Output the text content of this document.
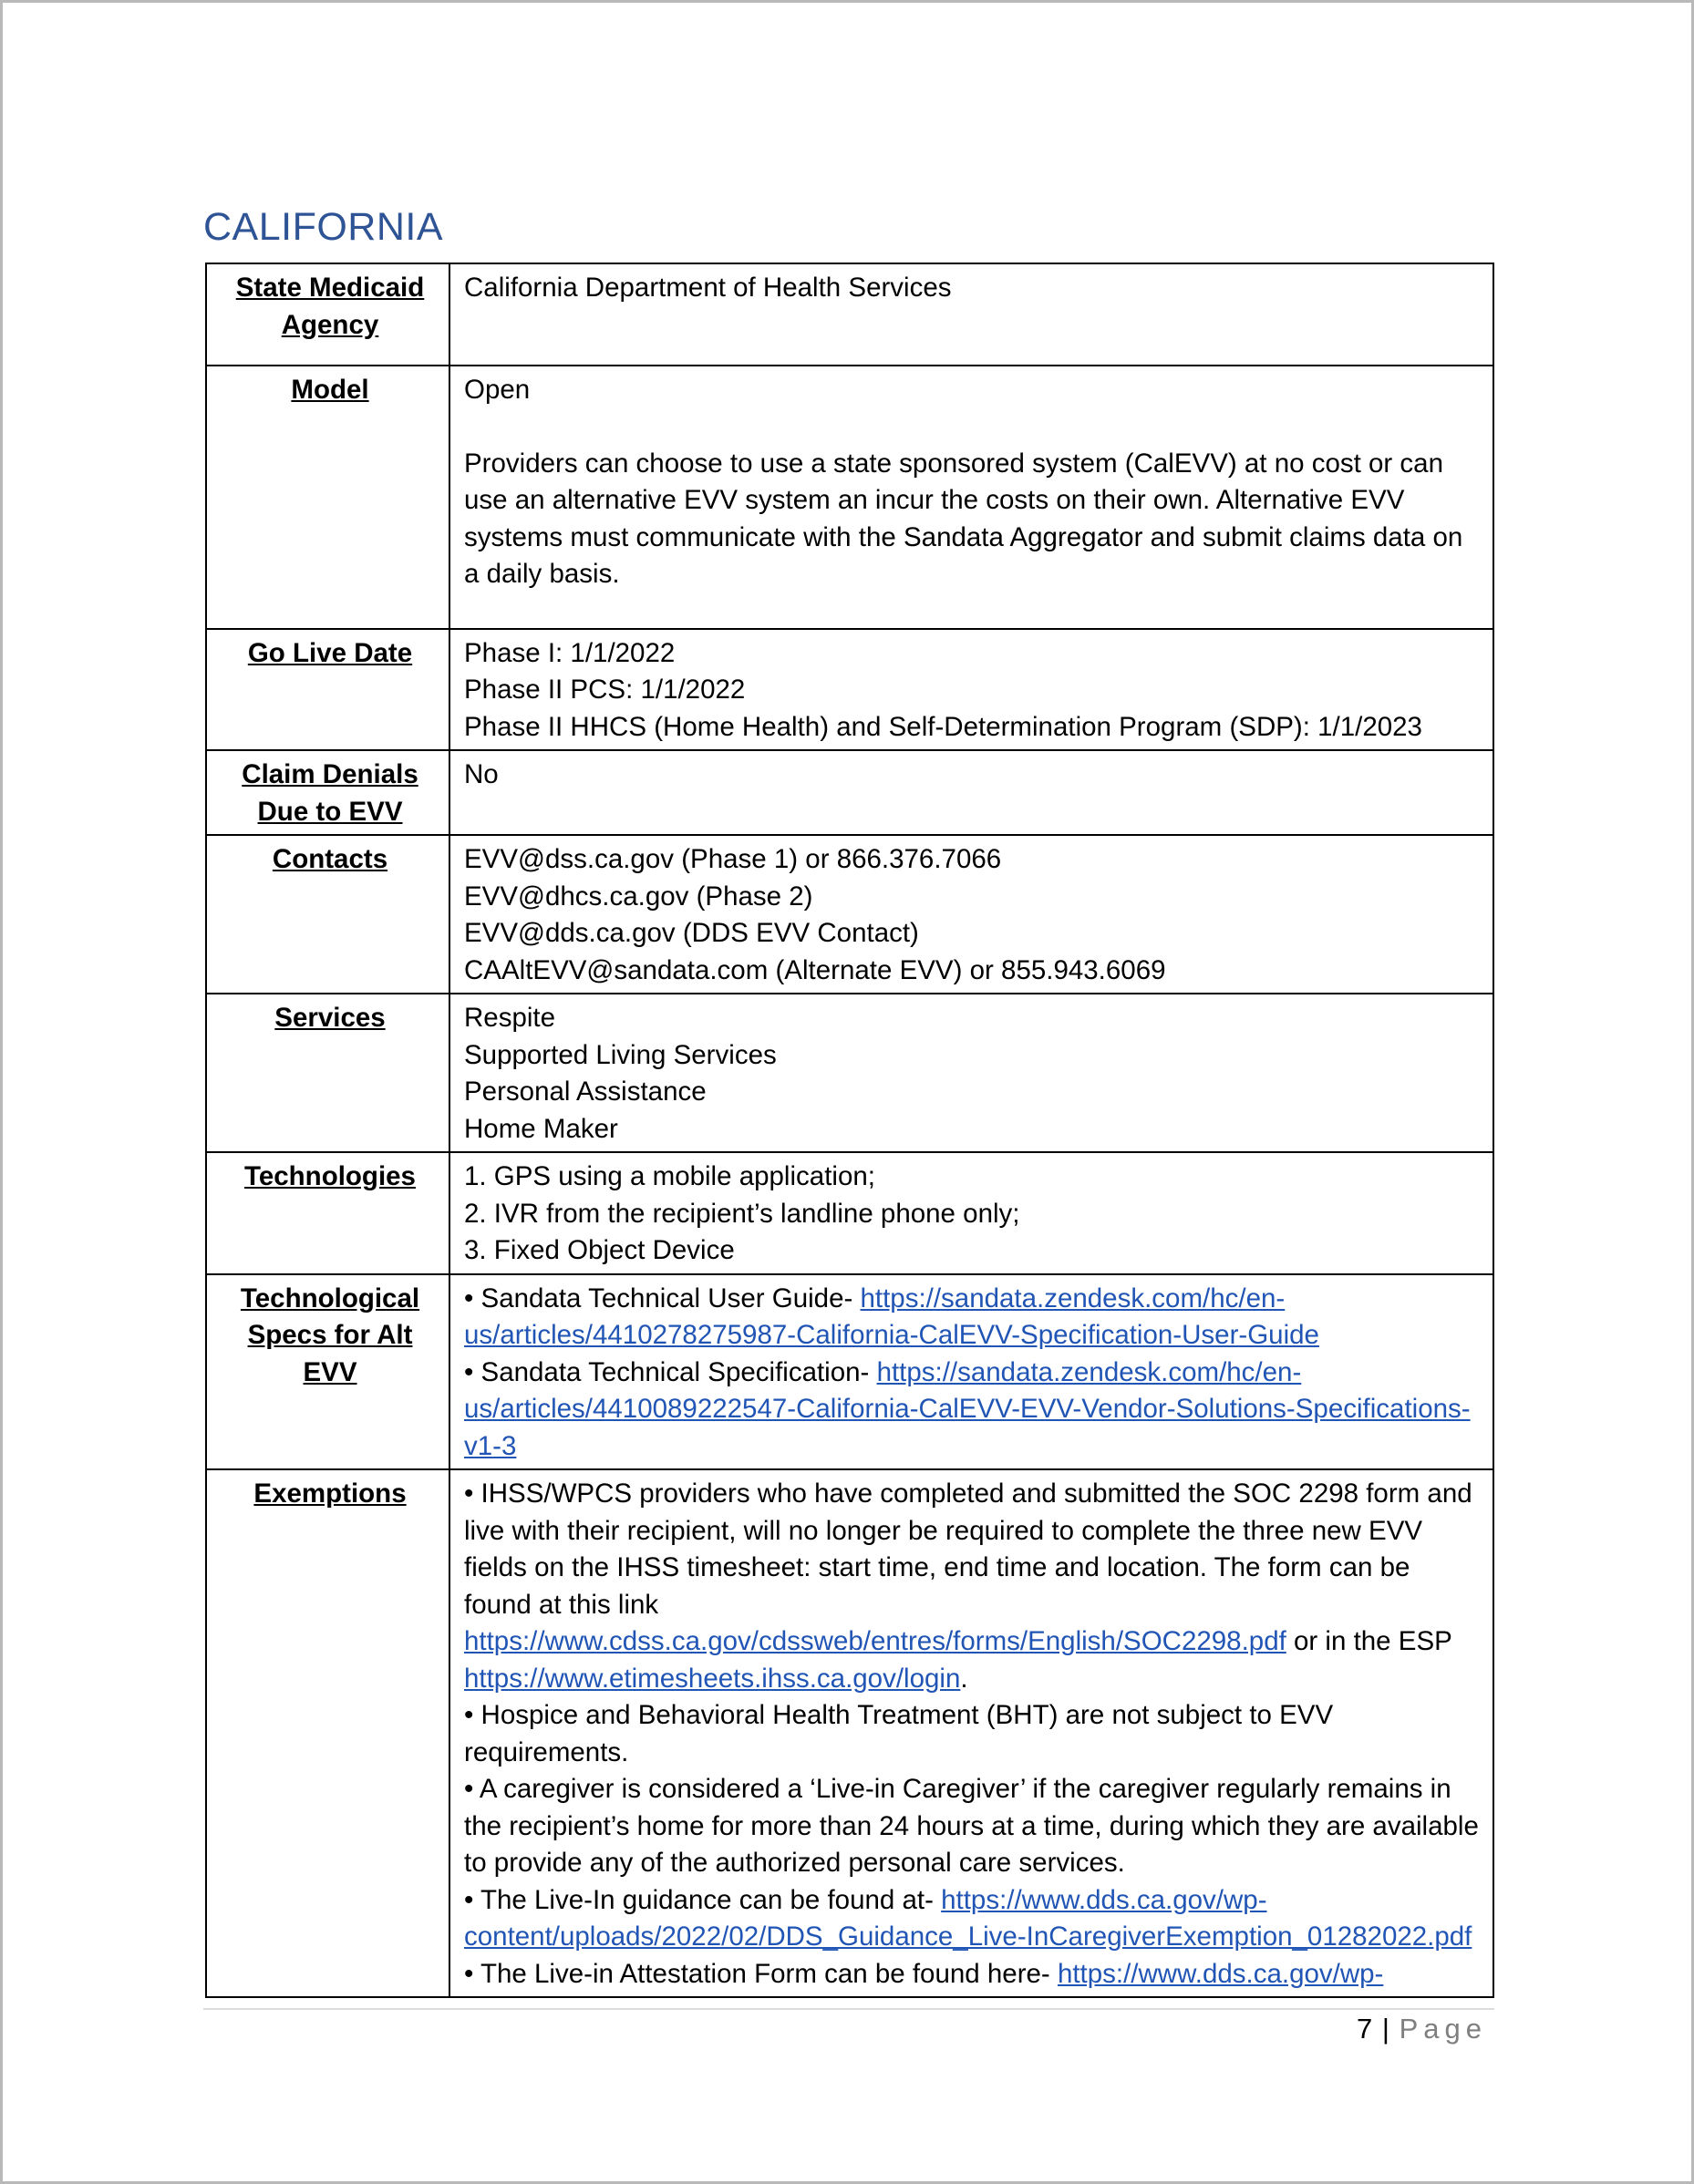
CALIFORNIA
State Medicaid Agency	California Department of Health Services

Model	Open
Providers can choose to use a state sponsored system (CalEVV) at no cost or can use an alternative EVV system an incur the costs on their own. Alternative EVV systems must communicate with the Sandata Aggregator and submit claims data on a daily basis.

Go Live Date	Phase I: 1/1/2022
Phase II PCS: 1/1/2022
Phase II HHCS (Home Health) and Self-Determination Program (SDP): 1/1/2023

Claim Denials Due to EVV	No

Contacts	EVV@dss.ca.gov (Phase 1) or 866.376.7066
EVV@dhcs.ca.gov (Phase 2)
EVV@dds.ca.gov (DDS EVV Contact)
CAAltEVV@sandata.com (Alternate EVV) or 855.943.6069

Services	Respite
Supported Living Services
Personal Assistance
Home Maker

Technologies	1. GPS using a mobile application;
2. IVR from the recipient’s landline phone only;
3. Fixed Object Device

Technological Specs for Alt EVV	• Sandata Technical User Guide- https://sandata.zendesk.com/hc/en-us/articles/4410278275987-California-CalEVV-Specification-User-Guide
• Sandata Technical Specification- https://sandata.zendesk.com/hc/en-us/articles/4410089222547-California-CalEVV-EVV-Vendor-Solutions-Specifications-v1-3

Exemptions	• IHSS/WPCS providers who have completed and submitted the SOC 2298 form and live with their recipient, will no longer be required to complete the three new EVV fields on the IHSS timesheet: start time, end time and location. The form can be found at this link https://www.cdss.ca.gov/cdssweb/entres/forms/English/SOC2298.pdf or in the ESP https://www.etimesheets.ihss.ca.gov/login.
• Hospice and Behavioral Health Treatment (BHT) are not subject to EVV requirements.
• A caregiver is considered a ‘Live-in Caregiver’ if the caregiver regularly remains in the recipient’s home for more than 24 hours at a time, during which they are available to provide any of the authorized personal care services.
• The Live-In guidance can be found at- https://www.dds.ca.gov/wp-content/uploads/2022/02/DDS_Guidance_Live-InCaregiverExemption_01282022.pdf
• The Live-in Attestation Form can be found here- https://www.dds.ca.gov/wp-
7 | Page
